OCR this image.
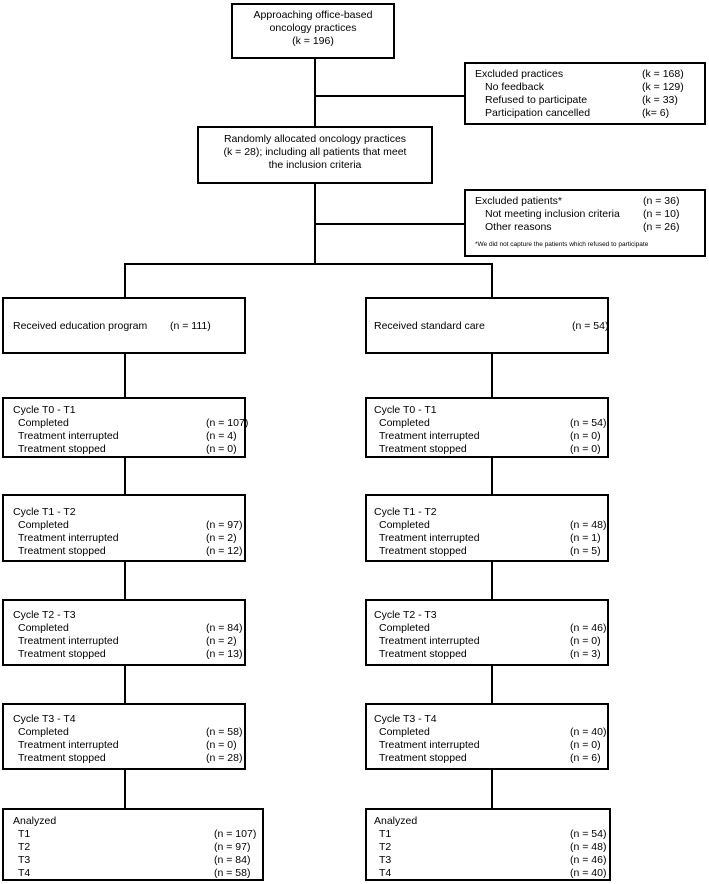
Approaching office-based
oncology practices
(k = 196)
Excluded practices	(k = 168)
No feedback	(k = 129)
Refused to participate	(k = 33)
Participation cancelled	(k= 6)
Randomly allocated oncology practices
(k = 28); including all patients that meet
the inclusion criteria
Excluded patients*	(n = 36)
Not meeting inclusion criteria (n = 10)
Other reasons	(n = 26)
*We did not capture the patients which refused to participate
Received education program (n = 111)	Received standard care	(n = 54)
Cycle T0 - T1
Completed	(n = 107)
Treatment interrupted	(n = 4)
Treatment stopped	(n = 0)
Cycle T1 - T2
Completed	(n = 97)
Treatment interrupted	(n = 2)
Treatment stopped	(n = 12)
Cycle T2 - T3
Completed	(n = 84)
Treatment interrupted	(n = 2)
Treatment stopped	(n = 13)
Cycle T3 - T4
Completed	(n = 58)
Treatment interrupted	(n = 0)
Treatment stopped	(n = 28)
Analyzed
T1	(n = 107)
T2	(n = 97)
T3	(n = 84)
T4	(n = 58)
Cycle T0 - T1
Completed	(n = 54)
Treatment interrupted	(n = 0)
Treatment stopped	(n = 0)
Cycle T1 - T2
Completed	(n = 48)
Treatment interrupted	(n = 1)
Treatment stopped	(n = 5)
Cycle T2 - T3
Completed	(n = 46)
Treatment interrupted	(n = 0)
Treatment stopped	(n = 3)
Cycle T3 - T4
Completed	(n = 40)
Treatment interrupted	(n = 0)
Treatment stopped	(n = 6)
Analyzed
T1	(n = 54)
T2	(n = 48)
T3	(n = 46)
T4	(n = 40)
